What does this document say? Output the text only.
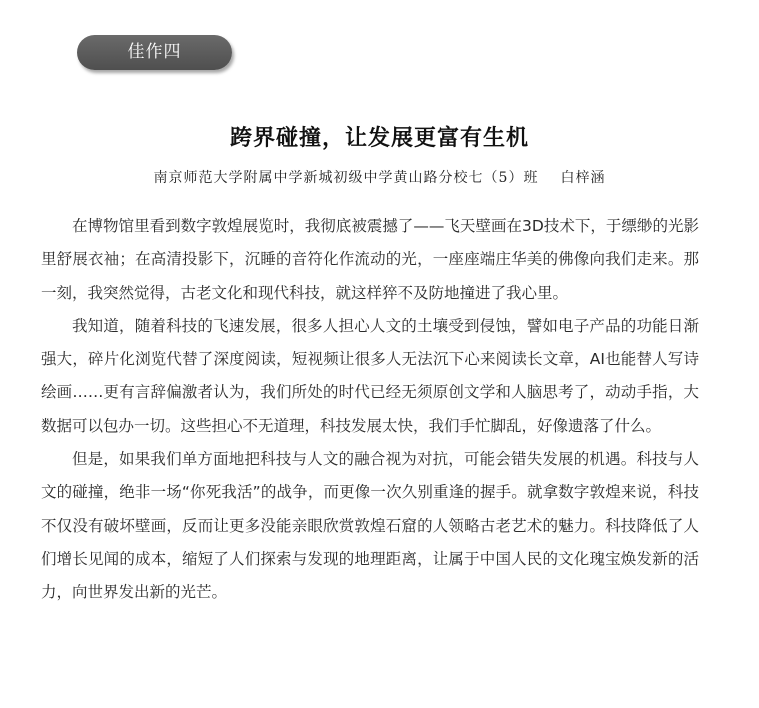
佳作四
跨界碰撞，让发展更富有生机
南京师范大学附属中学新城初级中学黄山路分校七（5）班 白梓涵

在博物馆里看到数字敦煌展览时，我彻底被震撼了——飞天壁画在3D技术下，于缥缈的光影里舒展衣袖；在高清投影下，沉睡的音符化作流动的光，一座座端庄华美的佛像向我们走来。那一刻，我突然觉得，古老文化和现代科技，就这样猝不及防地撞进了我心里。

我知道，随着科技的飞速发展，很多人担心人文的土壤受到侵蚀，譬如电子产品的功能日渐强大，碎片化浏览代替了深度阅读，短视频让很多人无法沉下心来阅读长文章，AI也能替人写诗绘画……更有言辞偏激者认为，我们所处的时代已经无须原创文学和人脑思考了，动动手指，大数据可以包办一切。这些担心不无道理，科技发展太快，我们手忙脚乱，好像遗落了什么。

但是，如果我们单方面地把科技与人文的融合视为对抗，可能会错失发展的机遇。科技与人文的碰撞，绝非一场“你死我活”的战争，而更像一次久别重逢的握手。就拿数字敦煌来说，科技不仅没有破坏壁画，反而让更多没能亲眼欣赏敦煌石窟的人领略古老艺术的魅力。科技降低了人们增长见闻的成本，缩短了人们探索与发现的地理距离，让属于中国人民的文化瑰宝焕发新的活力，向世界发出新的光芒。
